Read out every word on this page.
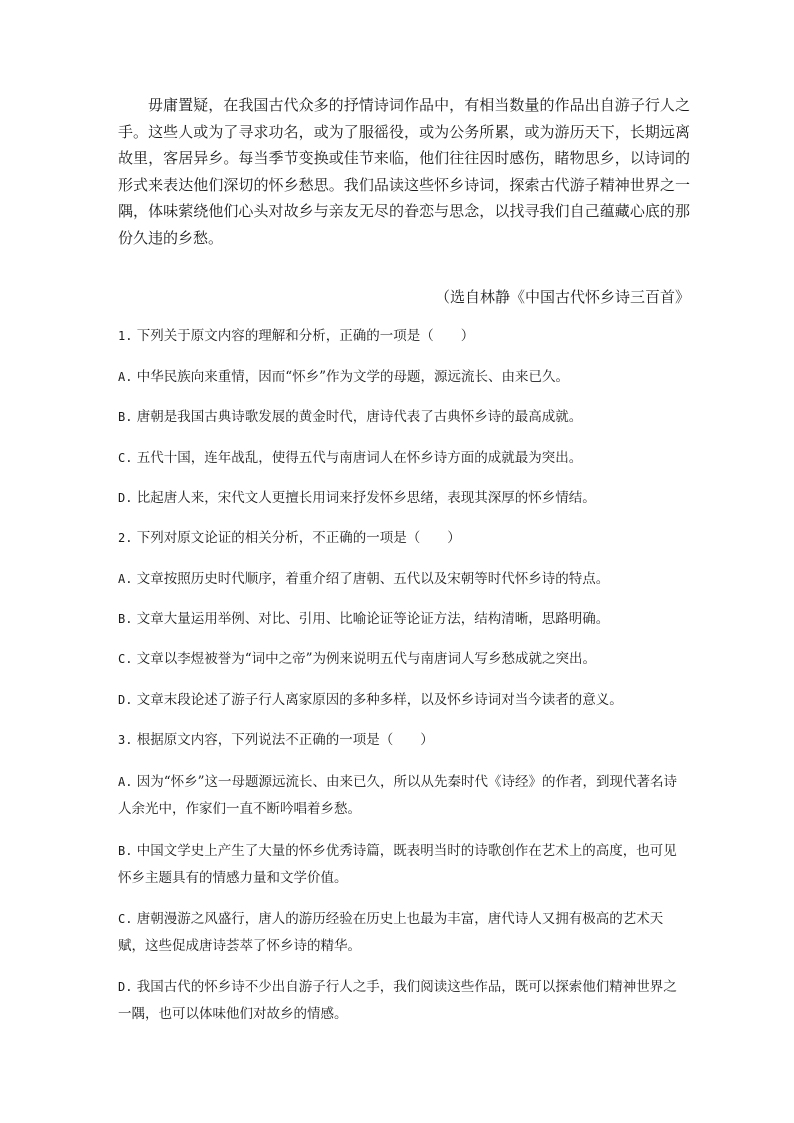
毋庸置疑，在我国古代众多的抒情诗词作品中，有相当数量的作品出自游子行人之手。这些人或为了寻求功名，或为了服徭役，或为公务所累，或为游历天下，长期远离故里，客居异乡。每当季节变换或佳节来临，他们往往因时感伤，睹物思乡，以诗词的形式来表达他们深切的怀乡愁思。我们品读这些怀乡诗词，探索古代游子精神世界之一隅，体味萦绕他们心头对故乡与亲友无尽的眷恋与思念，以找寻我们自己蕴藏心底的那份久违的乡愁。

（选自林静《中国古代怀乡诗三百首》

1. 下列关于原文内容的理解和分析，正确的一项是（　　）

A. 中华民族向来重情，因而“怀乡”作为文学的母题，源远流长、由来已久。

B. 唐朝是我国古典诗歌发展的黄金时代，唐诗代表了古典怀乡诗的最高成就。

C. 五代十国，连年战乱，使得五代与南唐词人在怀乡诗方面的成就最为突出。

D. 比起唐人来，宋代文人更擅长用词来抒发怀乡思绪，表现其深厚的怀乡情结。

2. 下列对原文论证的相关分析，不正确的一项是（　　）

A. 文章按照历史时代顺序，着重介绍了唐朝、五代以及宋朝等时代怀乡诗的特点。

B. 文章大量运用举例、对比、引用、比喻论证等论证方法，结构清晰，思路明确。

C. 文章以李煜被誉为“词中之帝”为例来说明五代与南唐词人写乡愁成就之突出。

D. 文章末段论述了游子行人离家原因的多种多样，以及怀乡诗词对当今读者的意义。

3. 根据原文内容，下列说法不正确的一项是（　　）

A. 因为“怀乡”这一母题源远流长、由来已久，所以从先秦时代《诗经》的作者，到现代著名诗人余光中，作家们一直不断吟唱着乡愁。

B. 中国文学史上产生了大量的怀乡优秀诗篇，既表明当时的诗歌创作在艺术上的高度，也可见怀乡主题具有的情感力量和文学价值。

C. 唐朝漫游之风盛行，唐人的游历经验在历史上也最为丰富，唐代诗人又拥有极高的艺术天赋，这些促成唐诗荟萃了怀乡诗的精华。

D. 我国古代的怀乡诗不少出自游子行人之手，我们阅读这些作品，既可以探索他们精神世界之一隅，也可以体味他们对故乡的情感。
